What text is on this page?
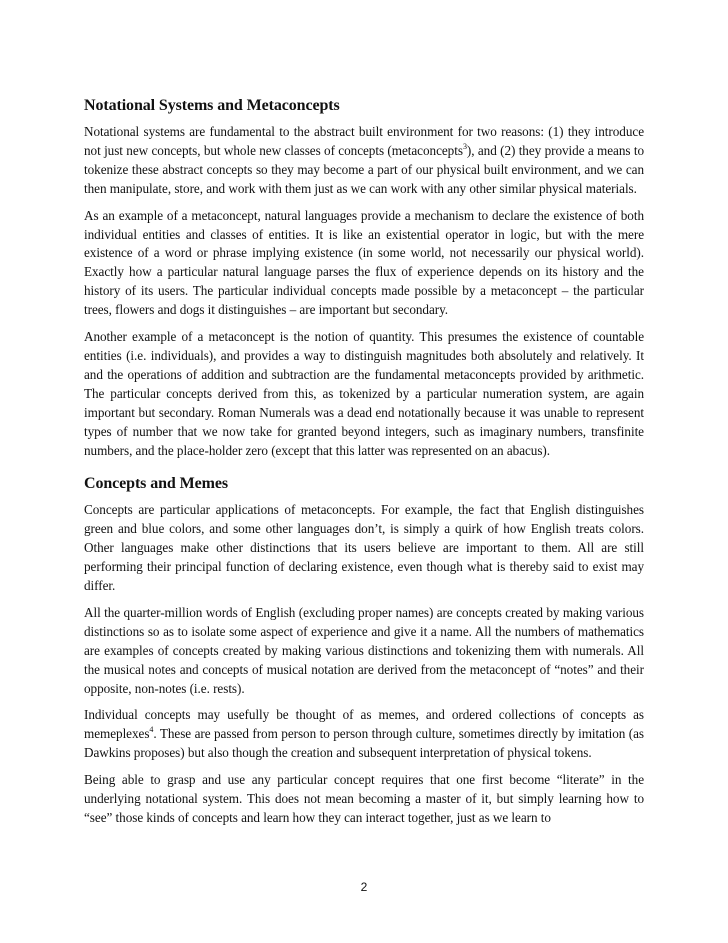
Notational Systems and Metaconcepts

Notational systems are fundamental to the abstract built environment for two reasons: (1) they introduce not just new concepts, but whole new classes of concepts (metaconcepts$^3$), and (2) they provide a means to tokenize these abstract concepts so they may become a part of our physical built environment, and we can then manipulate, store, and work with them just as we can work with any other similar physical materials.

As an example of a metaconcept, natural languages provide a mechanism to declare the existence of both individual entities and classes of entities. It is like an existential operator in logic, but with the mere existence of a word or phrase implying existence (in some world, not necessarily our physical world). Exactly how a particular natural language parses the flux of experience depends on its history and the history of its users. The particular individual concepts made possible by a metaconcept – the particular trees, flowers and dogs it distinguishes – are important but secondary.

Another example of a metaconcept is the notion of quantity. This presumes the existence of countable entities (i.e. individuals), and provides a way to distinguish magnitudes both absolutely and relatively. It and the operations of addition and subtraction are the fundamental metaconcepts provided by arithmetic. The particular concepts derived from this, as tokenized by a particular numeration system, are again important but secondary. Roman Numerals was a dead end notationally because it was unable to represent types of number that we now take for granted beyond integers, such as imaginary numbers, transfinite numbers, and the place-holder zero (except that this latter was represented on an abacus).

Concepts and Memes

Concepts are particular applications of metaconcepts. For example, the fact that English distinguishes green and blue colors, and some other languages don’t, is simply a quirk of how English treats colors. Other languages make other distinctions that its users believe are important to them. All are still performing their principal function of declaring existence, even though what is thereby said to exist may differ.

All the quarter-million words of English (excluding proper names) are concepts created by making various distinctions so as to isolate some aspect of experience and give it a name. All the numbers of mathematics are examples of concepts created by making various distinctions and tokenizing them with numerals. All the musical notes and concepts of musical notation are derived from the metaconcept of “notes” and their opposite, non-notes (i.e. rests).

Individual concepts may usefully be thought of as memes, and ordered collections of concepts as memeplexes$^4$. These are passed from person to person through culture, sometimes directly by imitation (as Dawkins proposes) but also though the creation and subsequent interpretation of physical tokens.

Being able to grasp and use any particular concept requires that one first become “literate” in the underlying notational system. This does not mean becoming a master of it, but simply learning how to “see” those kinds of concepts and learn how they can interact together, just as we learn to

2
